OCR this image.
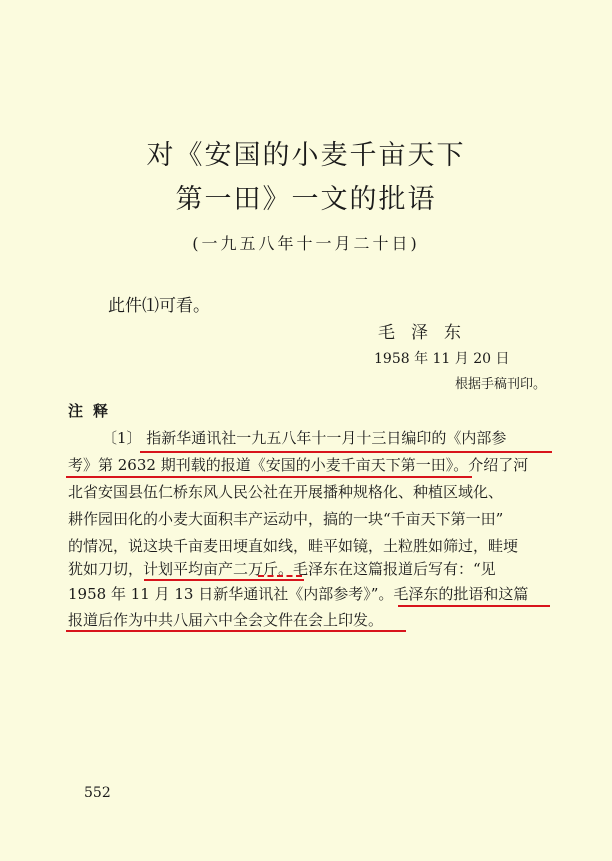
对《安国的小麦千亩天下
第一田》一文的批语
(一九五八年十一月二十日)
此件⑴可看。
毛泽东
1958 年 11 月 20 日
根据手稿刊印。
注释
〔1〕 指新华通讯社一九五八年十一月十三日编印的《内部参
考》第 2632 期刊载的报道《安国的小麦千亩天下第一田》。介绍了河
北省安国县伍仁桥东风人民公社在开展播种规格化、种植区域化、
耕作园田化的小麦大面积丰产运动中，搞的一块“千亩天下第一田”
的情况，说这块千亩麦田埂直如线，畦平如镜，土粒胜如筛过，畦埂
犹如刀切，计划平均亩产二万斤。毛泽东在这篇报道后写有：“见
1958 年 11 月 13 日新华通讯社《内部参考》”。毛泽东的批语和这篇
报道后作为中共八届六中全会文件在会上印发。
552
